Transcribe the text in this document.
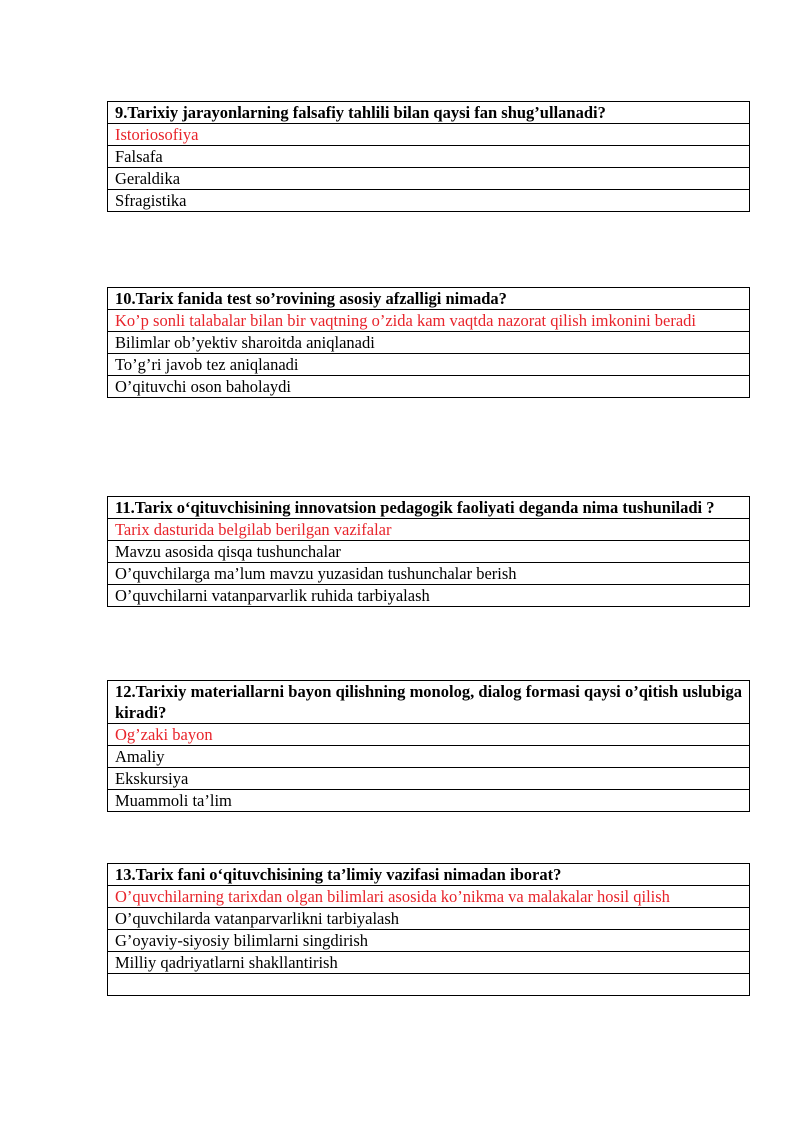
9.Tarixiy jarayonlarning falsafiy tahlili bilan qaysi fan shug’ullanadi?
Istoriosofiya
Falsafa
Geraldika
Sfragistika
10.Tarix fanida test so’rovining asosiy afzalligi nimada?
Ko’p sonli talabalar bilan bir vaqtning o’zida kam vaqtda nazorat qilish imkonini beradi
Bilimlar ob’yektiv sharoitda aniqlanadi
To’g’ri javob tez aniqlanadi
O’qituvchi oson baholaydi
11.Tarix o‘qituvchisining innovatsion pedagogik faoliyati deganda nima tushuniladi ?
Tarix dasturida belgilab berilgan vazifalar
Mavzu asosida qisqa tushunchalar
O’quvchilarga ma’lum mavzu yuzasidan tushunchalar berish
O’quvchilarni vatanparvarlik ruhida tarbiyalash
12.Tarixiy materiallarni bayon qilishning monolog, dialog formasi qaysi o’qitish uslubiga kiradi?
Og’zaki bayon
Amaliy
Ekskursiya
Muammoli ta’lim
13.Tarix fani o‘qituvchisining ta’limiy vazifasi nimadan iborat?
O’quvchilarning tarixdan olgan bilimlari asosida ko’nikma va malakalar hosil qilish
O’quvchilarda vatanparvarlikni tarbiyalash
G’oyaviy-siyosiy bilimlarni singdirish
Milliy qadriyatlarni shakllantirish
